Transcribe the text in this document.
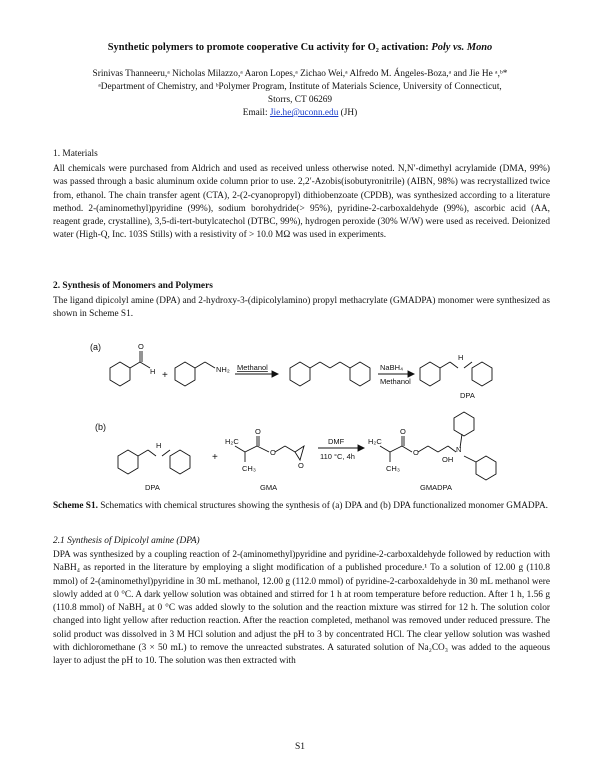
Synthetic polymers to promote cooperative Cu activity for O₂ activation: Poly vs. Mono
Srinivas Thanneeru,ᵃ Nicholas Milazzo,ᵃ Aaron Lopes,ᵃ Zichao Wei,ᵃ Alfredo M. Ángeles-Boza,ᵃ and Jie He ᵃ,ᵇ*
ᵃDepartment of Chemistry, and ᵇPolymer Program, Institute of Materials Science, University of Connecticut,
Storrs, CT 06269
Email: Jie.he@uconn.edu (JH)
1. Materials
All chemicals were purchased from Aldrich and used as received unless otherwise noted. N,N′-dimethyl acrylamide (DMA, 99%) was passed through a basic aluminum oxide column prior to use. 2,2′-Azobis(isobutyronitrile) (AIBN, 98%) was recrystallized twice from, ethanol. The chain transfer agent (CTA), 2-(2-cyanopropyl) dithiobenzoate (CPDB), was synthesized according to a literature method. 2-(aminomethyl)pyridine (99%), sodium borohydride(> 95%), pyridine-2-carboxaldehyde (99%), ascorbic acid (AA, reagent grade, crystalline), 3,5-di-tert-butylcatechol (DTBC, 99%), hydrogen peroxide (30% W/W) were used as received. Deionized water (High-Q, Inc. 103S Stills) with a resistivity of > 10.0 MΩ was used in experiments.
2. Synthesis of Monomers and Polymers
The ligand dipicolyl amine (DPA) and 2-hydroxy-3-(dipicolylamino) propyl methacrylate (GMADPA) monomer were synthesized as shown in Scheme S1.
(a)	O
H +
NH₂ Methanol	NaBH₄
Methanol
H
DPA
(b)
H
DPA
+
H₂C
CH₃
O
O
O
GMA
DMF
110 °C, 4h
H₂C
CH₃
O
O
OH
N
GMADPA
Scheme S1. Schematics with chemical structures showing the synthesis of (a) DPA and (b) DPA functionalized monomer GMADPA.
2.1 Synthesis of Dipicolyl amine (DPA)
DPA was synthesized by a coupling reaction of 2-(aminomethyl)pyridine and pyridine-2-carboxaldehyde followed by reduction with NaBH₄ as reported in the literature by employing a slight modification of a published procedure.¹ To a solution of 12.00 g (110.8 mmol) of 2-(aminomethyl)pyridine in 30 mL methanol, 12.00 g (112.0 mmol) of pyridine-2-carboxaldehyde in 30 mL methanol were slowly added at 0 °C. A dark yellow solution was obtained and stirred for 1 h at room temperature before reduction. After 1 h, 1.56 g (110.8 mmol) of NaBH₄ at 0 °C was added slowly to the solution and the reaction mixture was stirred for 12 h. The solution color changed into light yellow after reduction reaction. After the reaction completed, methanol was removed under reduced pressure. The solid product was dissolved in 3 M HCl solution and adjust the pH to 3 by concentrated HCl. The clear yellow solution was washed with dichloromethane (3 × 50 mL) to remove the unreacted substrates. A saturated solution of Na₂CO₃ was added to the aqueous layer to adjust the pH to 10. The solution was then extracted with
S1
